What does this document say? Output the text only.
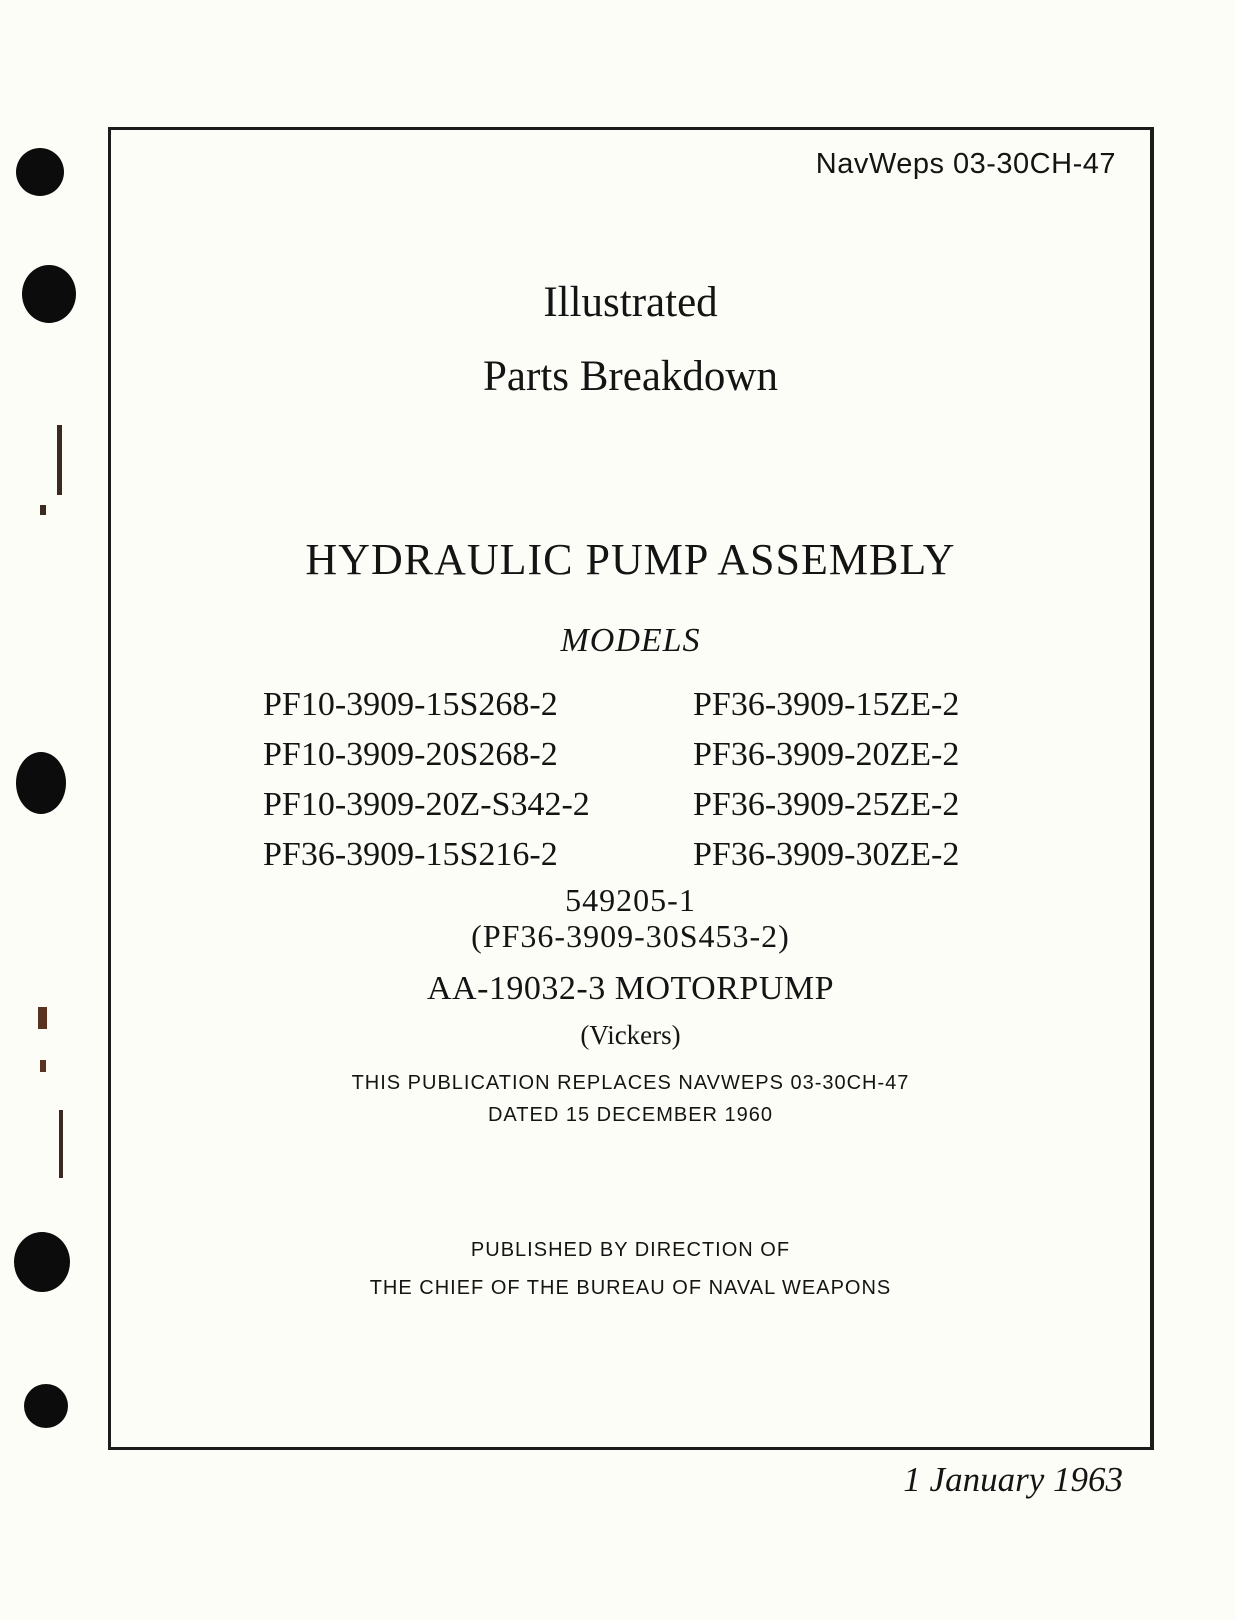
NavWeps 03-30CH-47
Illustrated
Parts Breakdown
HYDRAULIC PUMP ASSEMBLY
MODELS
PF10-3909-15S268-2
PF10-3909-20S268-2
PF10-3909-20Z-S342-2
PF36-3909-15S216-2
PF36-3909-15ZE-2
PF36-3909-20ZE-2
PF36-3909-25ZE-2
PF36-3909-30ZE-2
549205-1
(PF36-3909-30S453-2)
AA-19032-3 MOTORPUMP
(Vickers)
THIS PUBLICATION REPLACES NAVWEPS 03-30CH-47
DATED 15 DECEMBER 1960
PUBLISHED BY DIRECTION OF
THE CHIEF OF THE BUREAU OF NAVAL WEAPONS
1 January 1963
